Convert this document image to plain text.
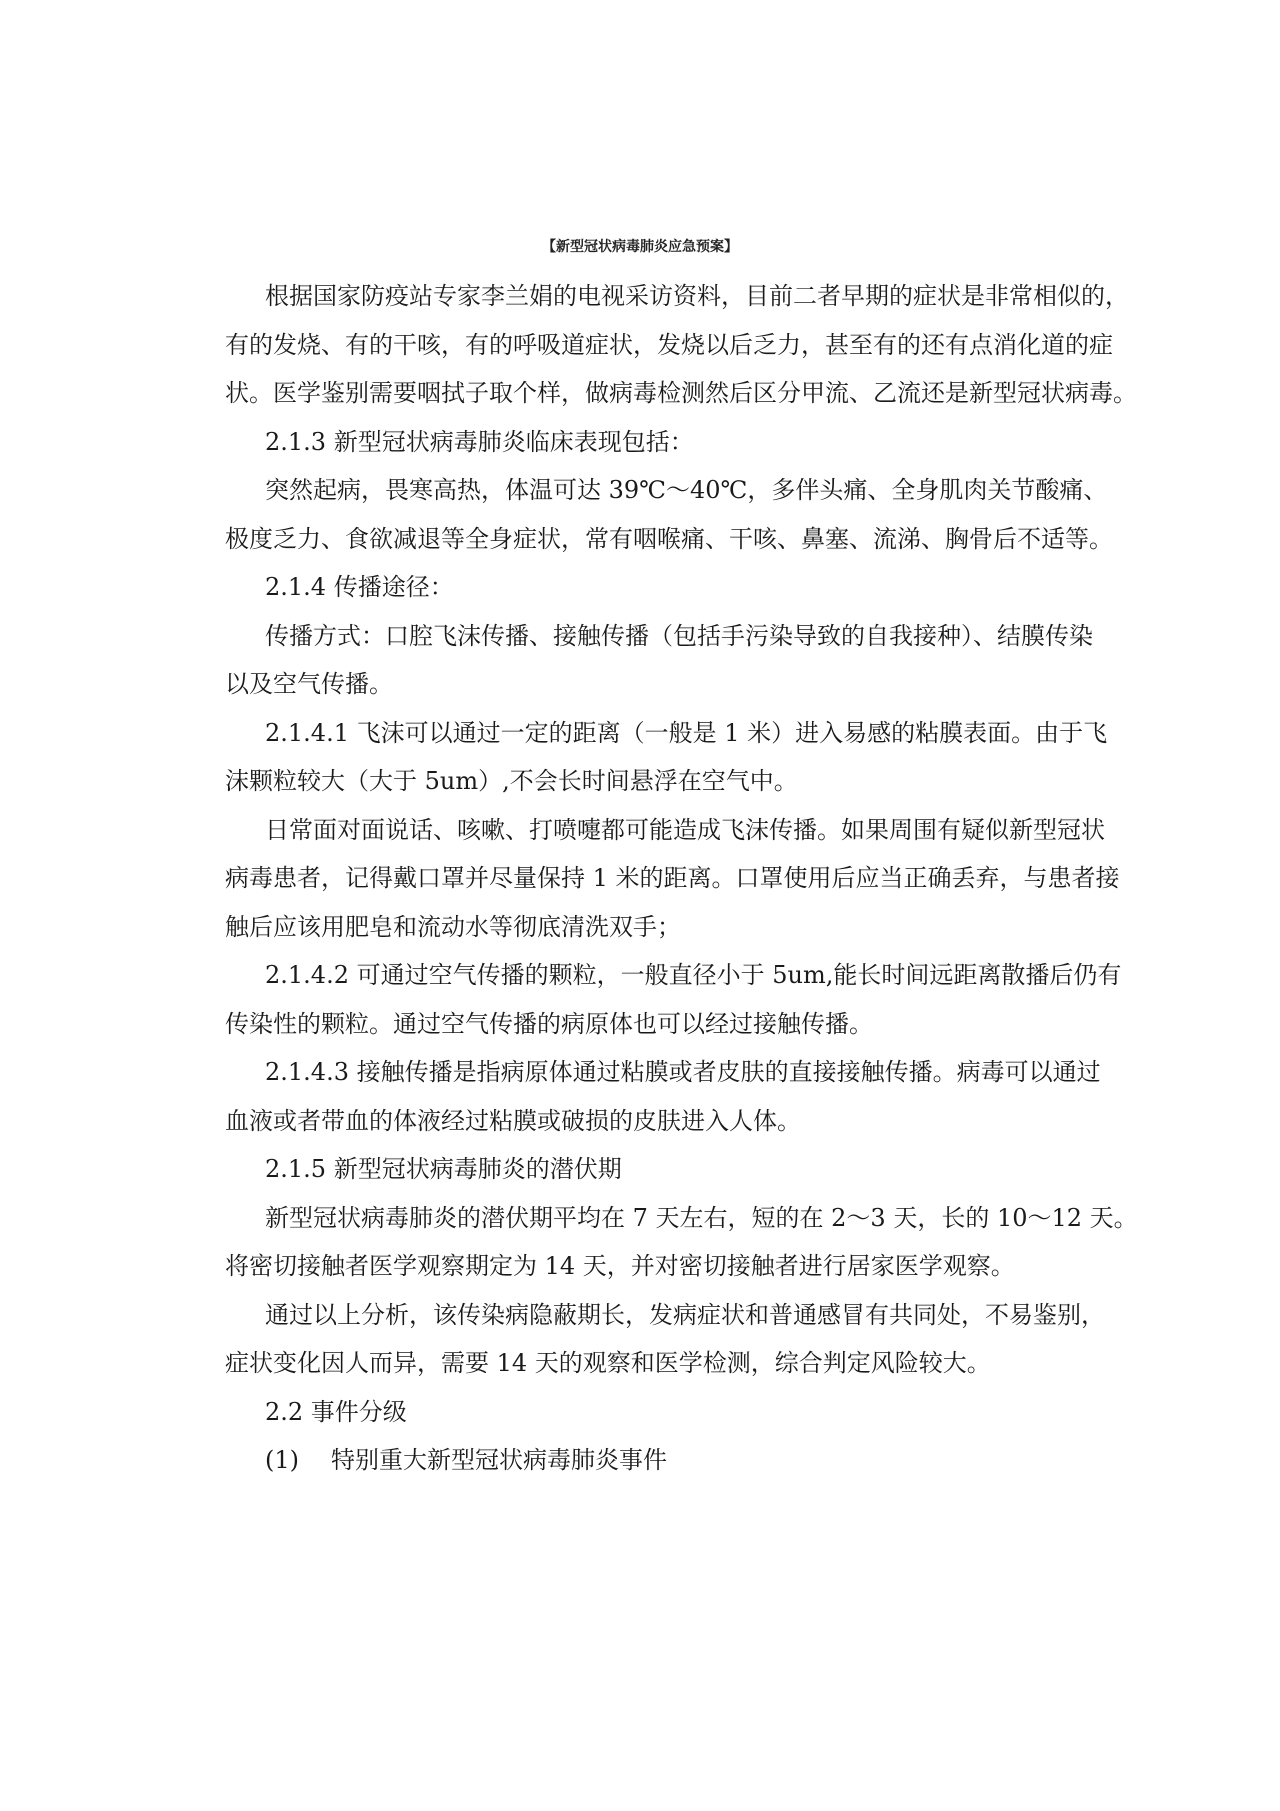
【新型冠状病毒肺炎应急预案】
根据国家防疫站专家李兰娟的电视采访资料，目前二者早期的症状是非常相似的，
有的发烧、有的干咳，有的呼吸道症状，发烧以后乏力，甚至有的还有点消化道的症
状。医学鉴别需要咽拭子取个样，做病毒检测然后区分甲流、乙流还是新型冠状病毒。
2.1.3 新型冠状病毒肺炎临床表现包括：
突然起病，畏寒高热，体温可达 39℃～40℃，多伴头痛、全身肌肉关节酸痛、
极度乏力、食欲减退等全身症状，常有咽喉痛、干咳、鼻塞、流涕、胸骨后不适等。
2.1.4 传播途径：
传播方式：口腔飞沫传播、接触传播（包括手污染导致的自我接种）、结膜传染
以及空气传播。
2.1.4.1 飞沫可以通过一定的距离（一般是 1 米）进入易感的粘膜表面。由于飞
沫颗粒较大（大于 5um）,不会长时间悬浮在空气中。
日常面对面说话、咳嗽、打喷嚏都可能造成飞沫传播。如果周围有疑似新型冠状
病毒患者，记得戴口罩并尽量保持 1 米的距离。口罩使用后应当正确丢弃，与患者接
触后应该用肥皂和流动水等彻底清洗双手；
2.1.4.2 可通过空气传播的颗粒，一般直径小于 5um,能长时间远距离散播后仍有
传染性的颗粒。通过空气传播的病原体也可以经过接触传播。
2.1.4.3 接触传播是指病原体通过粘膜或者皮肤的直接接触传播。病毒可以通过
血液或者带血的体液经过粘膜或破损的皮肤进入人体。
2.1.5 新型冠状病毒肺炎的潜伏期
新型冠状病毒肺炎的潜伏期平均在 7 天左右，短的在 2～3 天，长的 10～12 天。
将密切接触者医学观察期定为 14 天，并对密切接触者进行居家医学观察。
通过以上分析，该传染病隐蔽期长，发病症状和普通感冒有共同处，不易鉴别，
症状变化因人而异，需要 14 天的观察和医学检测，综合判定风险较大。
2.2 事件分级
(1) 特别重大新型冠状病毒肺炎事件
